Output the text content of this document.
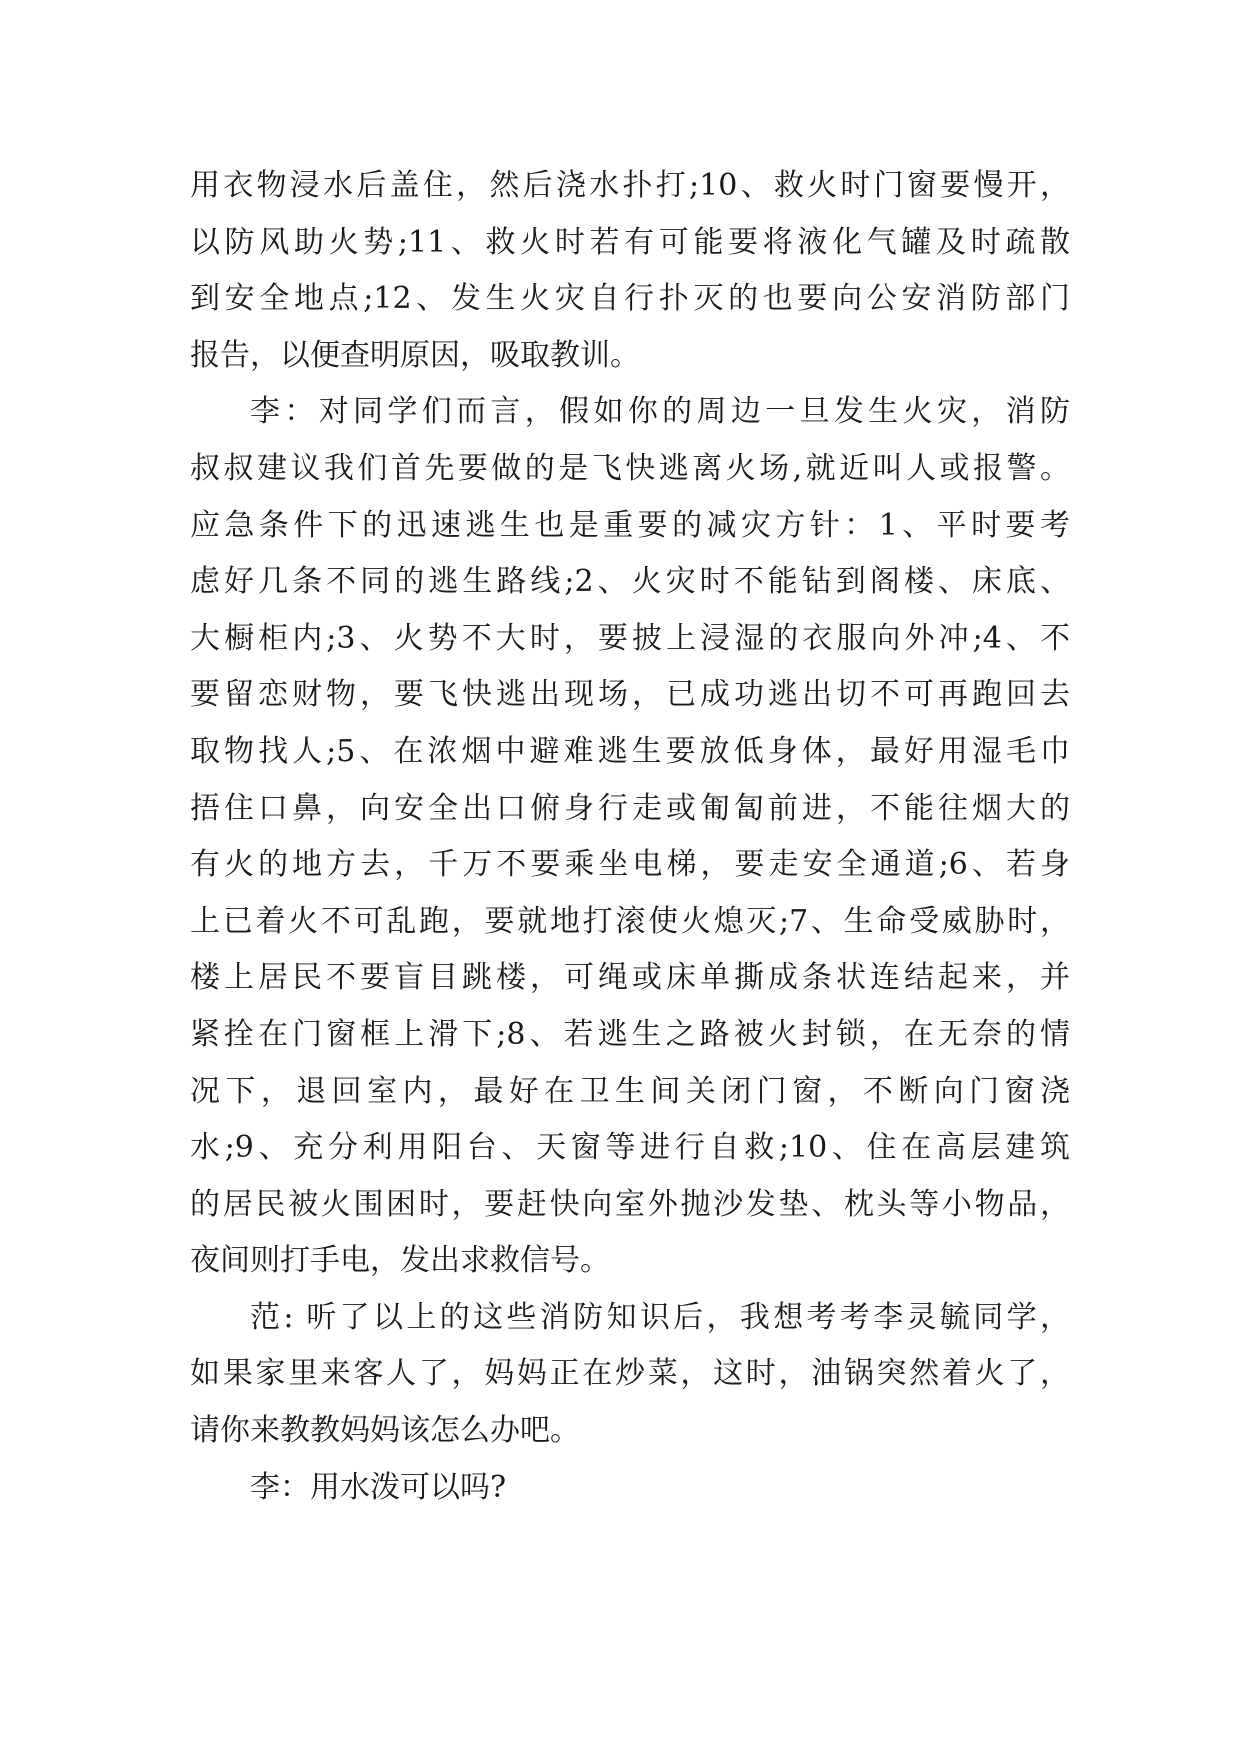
用衣物浸水后盖住，然后浇水扑打;10、救火时门窗要慢开，
以防风助火势;11、救火时若有可能要将液化气罐及时疏散
到安全地点;12、发生火灾自行扑灭的也要向公安消防部门
报告，以便查明原因，吸取教训。
李：对同学们而言，假如你的周边一旦发生火灾，消防
叔叔建议我们首先要做的是飞快逃离火场,就近叫人或报警。
应急条件下的迅速逃生也是重要的减灾方针：1、平时要考
虑好几条不同的逃生路线;2、火灾时不能钻到阁楼、床底、
大橱柜内;3、火势不大时，要披上浸湿的衣服向外冲;4、不
要留恋财物，要飞快逃出现场，已成功逃出切不可再跑回去
取物找人;5、在浓烟中避难逃生要放低身体，最好用湿毛巾
捂住口鼻，向安全出口俯身行走或匍匐前进，不能往烟大的
有火的地方去，千万不要乘坐电梯，要走安全通道;6、若身
上已着火不可乱跑，要就地打滚使火熄灭;7、生命受威胁时，
楼上居民不要盲目跳楼，可绳或床单撕成条状连结起来，并
紧拴在门窗框上滑下;8、若逃生之路被火封锁，在无奈的情
况下，退回室内，最好在卫生间关闭门窗，不断向门窗浇
水;9、充分利用阳台、天窗等进行自救;10、住在高层建筑
的居民被火围困时，要赶快向室外抛沙发垫、枕头等小物品，
夜间则打手电，发出求救信号。
范: 听了以上的这些消防知识后，我想考考李灵毓同学，
如果家里来客人了，妈妈正在炒菜，这时，油锅突然着火了，
请你来教教妈妈该怎么办吧。
李：用水泼可以吗?
